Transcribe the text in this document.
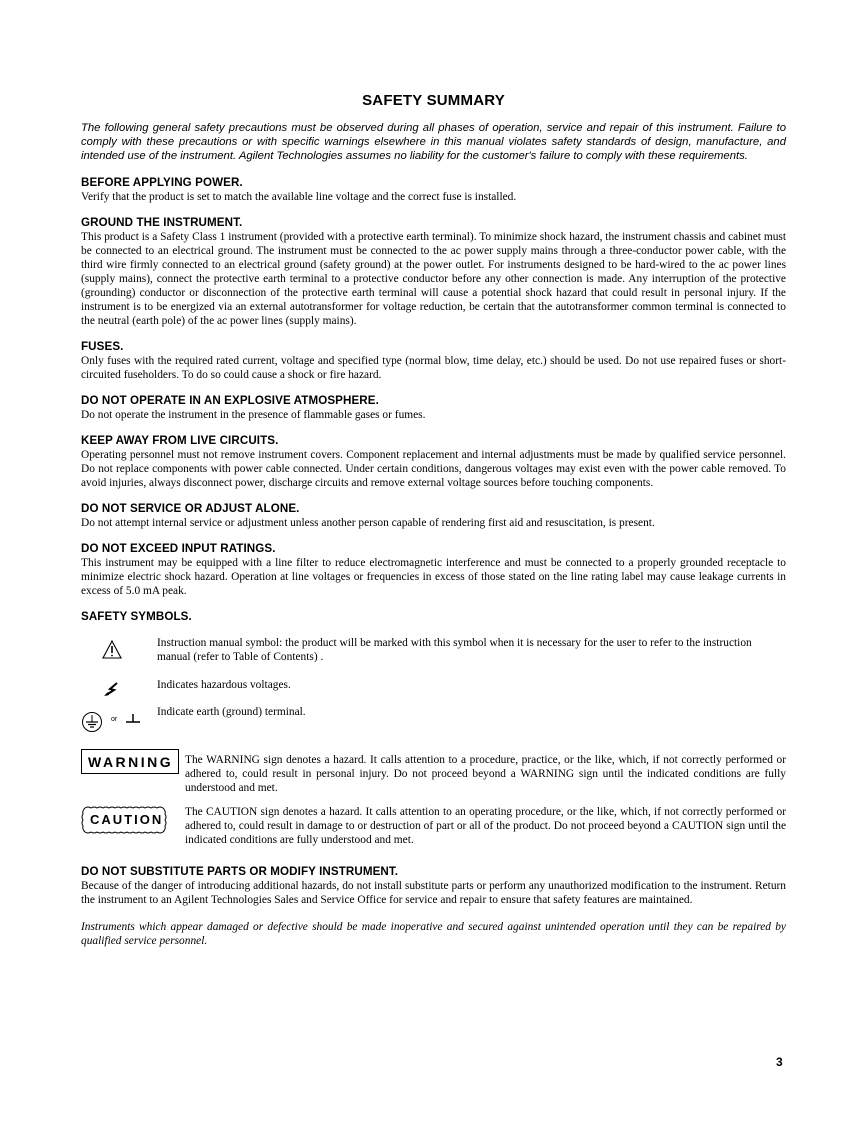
SAFETY SUMMARY
The following general safety precautions must be observed during all phases of operation, service and repair of this instrument. Failure to comply with these precautions or with specific warnings elsewhere in this manual violates safety standards of design, manufacture, and intended use of the instrument. Agilent Technologies assumes no liability for the customer's failure to comply with these requirements.
BEFORE APPLYING POWER.
Verify that the product is set to match the available line voltage and the correct fuse is installed.
GROUND THE INSTRUMENT.
This product is a Safety Class 1 instrument (provided with a protective earth terminal). To minimize shock hazard, the instrument chassis and cabinet must be connected to an electrical ground. The instrument must be connected to the ac power supply mains through a three-conductor power cable, with the third wire firmly connected to an electrical ground (safety ground) at the power outlet. For instruments designed to be hard-wired to the ac power lines (supply mains), connect the protective earth terminal to a protective conductor before any other connection is made. Any interruption of the protective (grounding) conductor or disconnection of the protective earth terminal will cause a potential shock hazard that could result in personal injury. If the instrument is to be energized via an external autotransformer for voltage reduction, be certain that the autotransformer common terminal is connected to the neutral (earth pole) of the ac power lines (supply mains).
FUSES.
Only fuses with the required rated current, voltage and specified type (normal blow, time delay, etc.) should be used. Do not use repaired fuses or short-circuited fuseholders. To do so could cause a shock or fire hazard.
DO NOT OPERATE IN AN EXPLOSIVE ATMOSPHERE.
Do not operate the instrument in the presence of flammable gases or fumes.
KEEP AWAY FROM LIVE CIRCUITS.
Operating personnel must not remove instrument covers. Component replacement and internal adjustments must be made by qualified service personnel. Do not replace components with power cable connected. Under certain conditions, dangerous voltages may exist even with the power cable removed. To avoid injuries, always disconnect power, discharge circuits and remove external voltage sources before touching components.
DO NOT SERVICE OR ADJUST ALONE.
Do not attempt internal service or adjustment unless another person capable of rendering first aid and resuscitation, is present.
DO NOT EXCEED INPUT RATINGS.
This instrument may be equipped with a line filter to reduce electromagnetic interference and must be connected to a properly grounded receptacle to minimize electric shock hazard. Operation at line voltages or frequencies in excess of those stated on the line rating label may cause leakage currents in excess of 5.0 mA peak.
SAFETY SYMBOLS.
Instruction manual symbol: the product will be marked with this symbol when it is necessary for the user to refer to the instruction manual (refer to Table of Contents) .
Indicates hazardous voltages.
or
Indicate earth (ground) terminal.
WARNING	The WARNING sign denotes a hazard. It calls attention to a procedure, practice, or the like, which, if not correctly performed or adhered to, could result in personal injury. Do not proceed beyond a WARNING sign until the indicated conditions are fully understood and met.
CAUTION	The CAUTION sign denotes a hazard. It calls attention to an operating procedure, or the like, which, if not correctly performed or adhered to, could result in damage to or destruction of part or all of the product. Do not proceed beyond a CAUTION sign until the indicated conditions are fully understood and met.
DO NOT SUBSTITUTE PARTS OR MODIFY INSTRUMENT.
Because of the danger of introducing additional hazards, do not install substitute parts or perform any unauthorized modification to the instrument. Return the instrument to an Agilent Technologies Sales and Service Office for service and repair to ensure that safety features are maintained.
Instruments which appear damaged or defective should be made inoperative and secured against unintended operation until they can be repaired by qualified service personnel.
3
